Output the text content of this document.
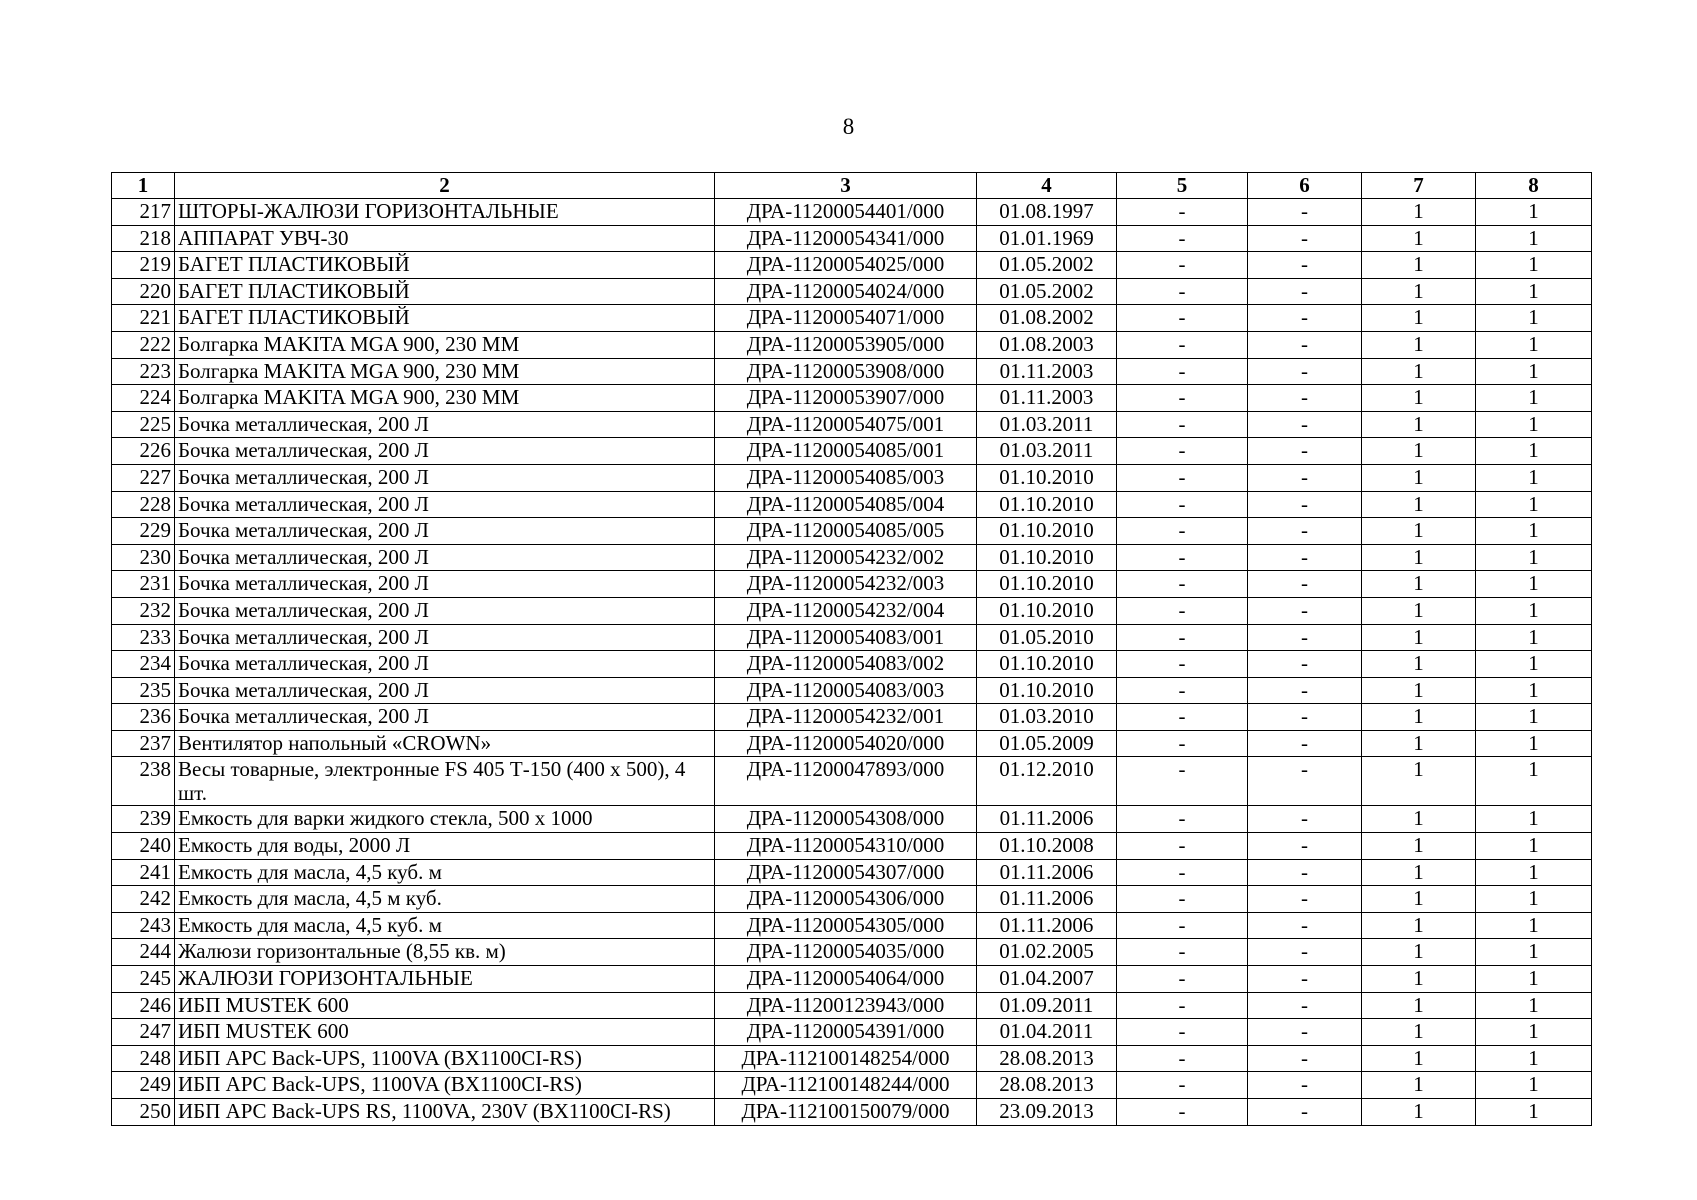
8
1	2	3	4	5	6	7	8
217	ШТОРЫ-ЖАЛЮЗИ ГОРИЗОНТАЛЬНЫЕ	ДРА-11200054401/000	01.08.1997	-	-	1	1
218	АППАРАТ УВЧ-30	ДРА-11200054341/000	01.01.1969	-	-	1	1
219	БАГЕТ ПЛАСТИКОВЫЙ	ДРА-11200054025/000	01.05.2002	-	-	1	1
220	БАГЕТ ПЛАСТИКОВЫЙ	ДРА-11200054024/000	01.05.2002	-	-	1	1
221	БАГЕТ ПЛАСТИКОВЫЙ	ДРА-11200054071/000	01.08.2002	-	-	1	1
222	Болгарка MAKITA MGA 900, 230 ММ	ДРА-11200053905/000	01.08.2003	-	-	1	1
223	Болгарка MAKITA MGA 900, 230 ММ	ДРА-11200053908/000	01.11.2003	-	-	1	1
224	Болгарка MAKITA MGA 900, 230 ММ	ДРА-11200053907/000	01.11.2003	-	-	1	1
225	Бочка металлическая, 200 Л	ДРА-11200054075/001	01.03.2011	-	-	1	1
226	Бочка металлическая, 200 Л	ДРА-11200054085/001	01.03.2011	-	-	1	1
227	Бочка металлическая, 200 Л	ДРА-11200054085/003	01.10.2010	-	-	1	1
228	Бочка металлическая, 200 Л	ДРА-11200054085/004	01.10.2010	-	-	1	1
229	Бочка металлическая, 200 Л	ДРА-11200054085/005	01.10.2010	-	-	1	1
230	Бочка металлическая, 200 Л	ДРА-11200054232/002	01.10.2010	-	-	1	1
231	Бочка металлическая, 200 Л	ДРА-11200054232/003	01.10.2010	-	-	1	1
232	Бочка металлическая, 200 Л	ДРА-11200054232/004	01.10.2010	-	-	1	1
233	Бочка металлическая, 200 Л	ДРА-11200054083/001	01.05.2010	-	-	1	1
234	Бочка металлическая, 200 Л	ДРА-11200054083/002	01.10.2010	-	-	1	1
235	Бочка металлическая, 200 Л	ДРА-11200054083/003	01.10.2010	-	-	1	1
236	Бочка металлическая, 200 Л	ДРА-11200054232/001	01.03.2010	-	-	1	1
237	Вентилятор напольный «CROWN»	ДРА-11200054020/000	01.05.2009	-	-	1	1
238	Весы товарные, электронные FS 405 Т-150 (400 х 500), 4 шт.	ДРА-11200047893/000	01.12.2010	-	-	1	1
239	Емкость для варки жидкого стекла, 500 х 1000	ДРА-11200054308/000	01.11.2006	-	-	1	1
240	Емкость для воды, 2000 Л	ДРА-11200054310/000	01.10.2008	-	-	1	1
241	Емкость для масла, 4,5 куб. м	ДРА-11200054307/000	01.11.2006	-	-	1	1
242	Емкость для масла, 4,5 м куб.	ДРА-11200054306/000	01.11.2006	-	-	1	1
243	Емкость для масла, 4,5 куб. м	ДРА-11200054305/000	01.11.2006	-	-	1	1
244	Жалюзи горизонтальные (8,55 кв. м)	ДРА-11200054035/000	01.02.2005	-	-	1	1
245	ЖАЛЮЗИ ГОРИЗОНТАЛЬНЫЕ	ДРА-11200054064/000	01.04.2007	-	-	1	1
246	ИБП MUSTEK 600	ДРА-11200123943/000	01.09.2011	-	-	1	1
247	ИБП MUSTEK 600	ДРА-11200054391/000	01.04.2011	-	-	1	1
248	ИБП APC Back-UPS, 1100VA (BX1100CI-RS)	ДРА-112100148254/000	28.08.2013	-	-	1	1
249	ИБП APC Back-UPS, 1100VA (BX1100CI-RS)	ДРА-112100148244/000	28.08.2013	-	-	1	1
250	ИБП APC Back-UPS RS, 1100VA, 230V (BX1100CI-RS)	ДРА-112100150079/000	23.09.2013	-	-	1	1
